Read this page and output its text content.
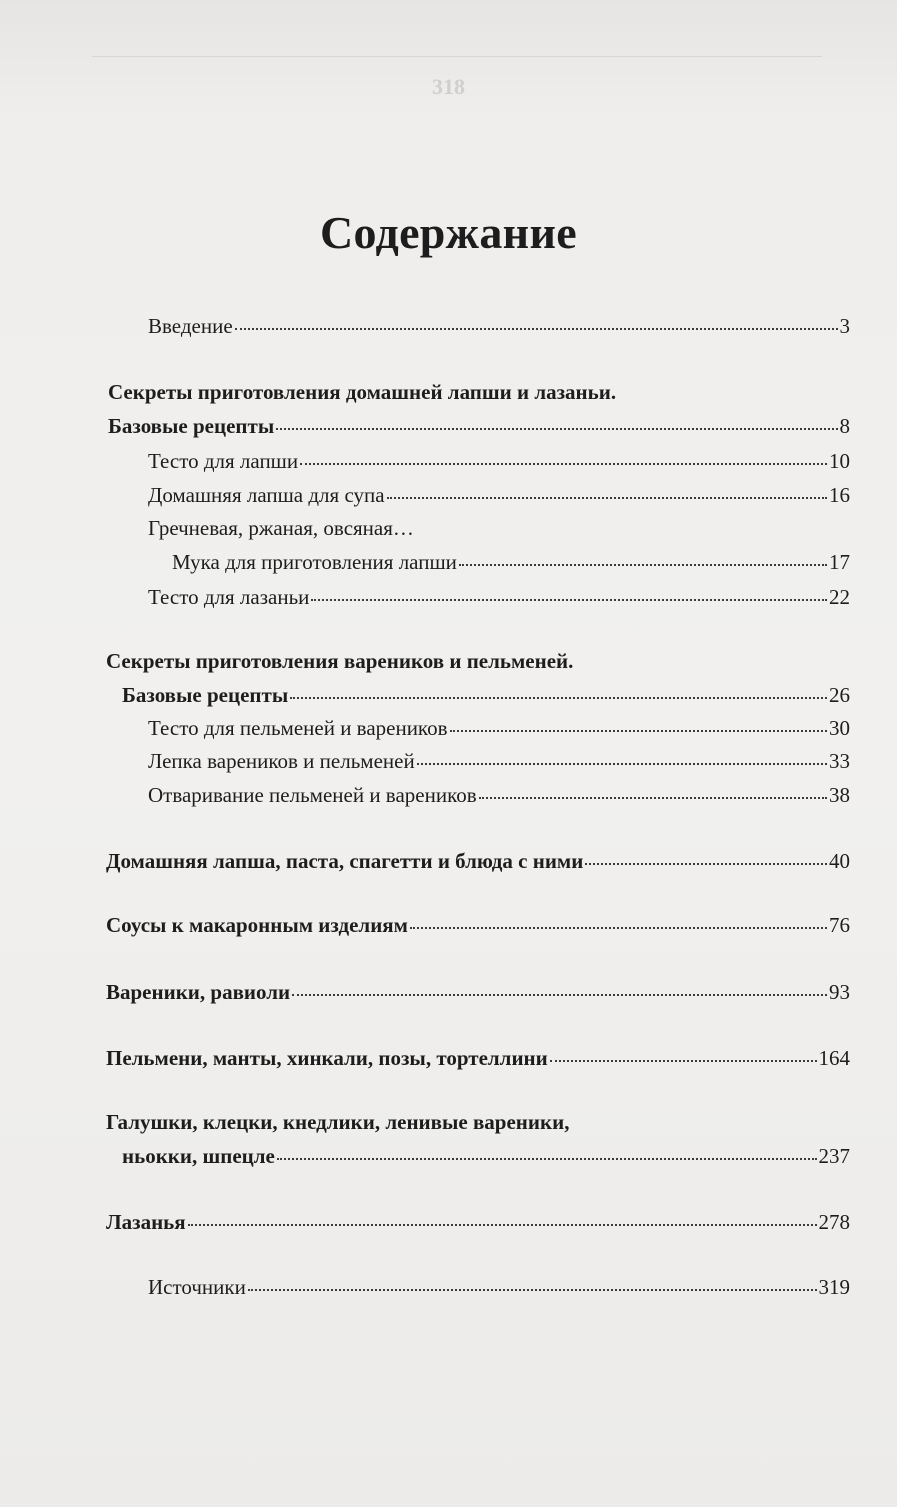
318
Содержание
Введение	3
Секреты приготовления домашней лапши и лазаньи.
Базовые рецепты	8
Тесто для лапши	10
Домашняя лапша для супа	16
Гречневая, ржаная, овсяная…
Мука для приготовления лапши	17
Тесто для лазаньи	22
Секреты приготовления вареников и пельменей.
Базовые рецепты	26
Тесто для пельменей и вареников	30
Лепка вареников и пельменей	33
Отваривание пельменей и вареников	38
Домашняя лапша, паста, спагетти и блюда с ними	40
Соусы к макаронным изделиям	76
Вареники, равиоли	93
Пельмени, манты, хинкали, позы, тортеллини	164
Галушки, клецки, кнедлики, ленивые вареники,
ньокки, шпецле	237
Лазанья	278
Источники	319
